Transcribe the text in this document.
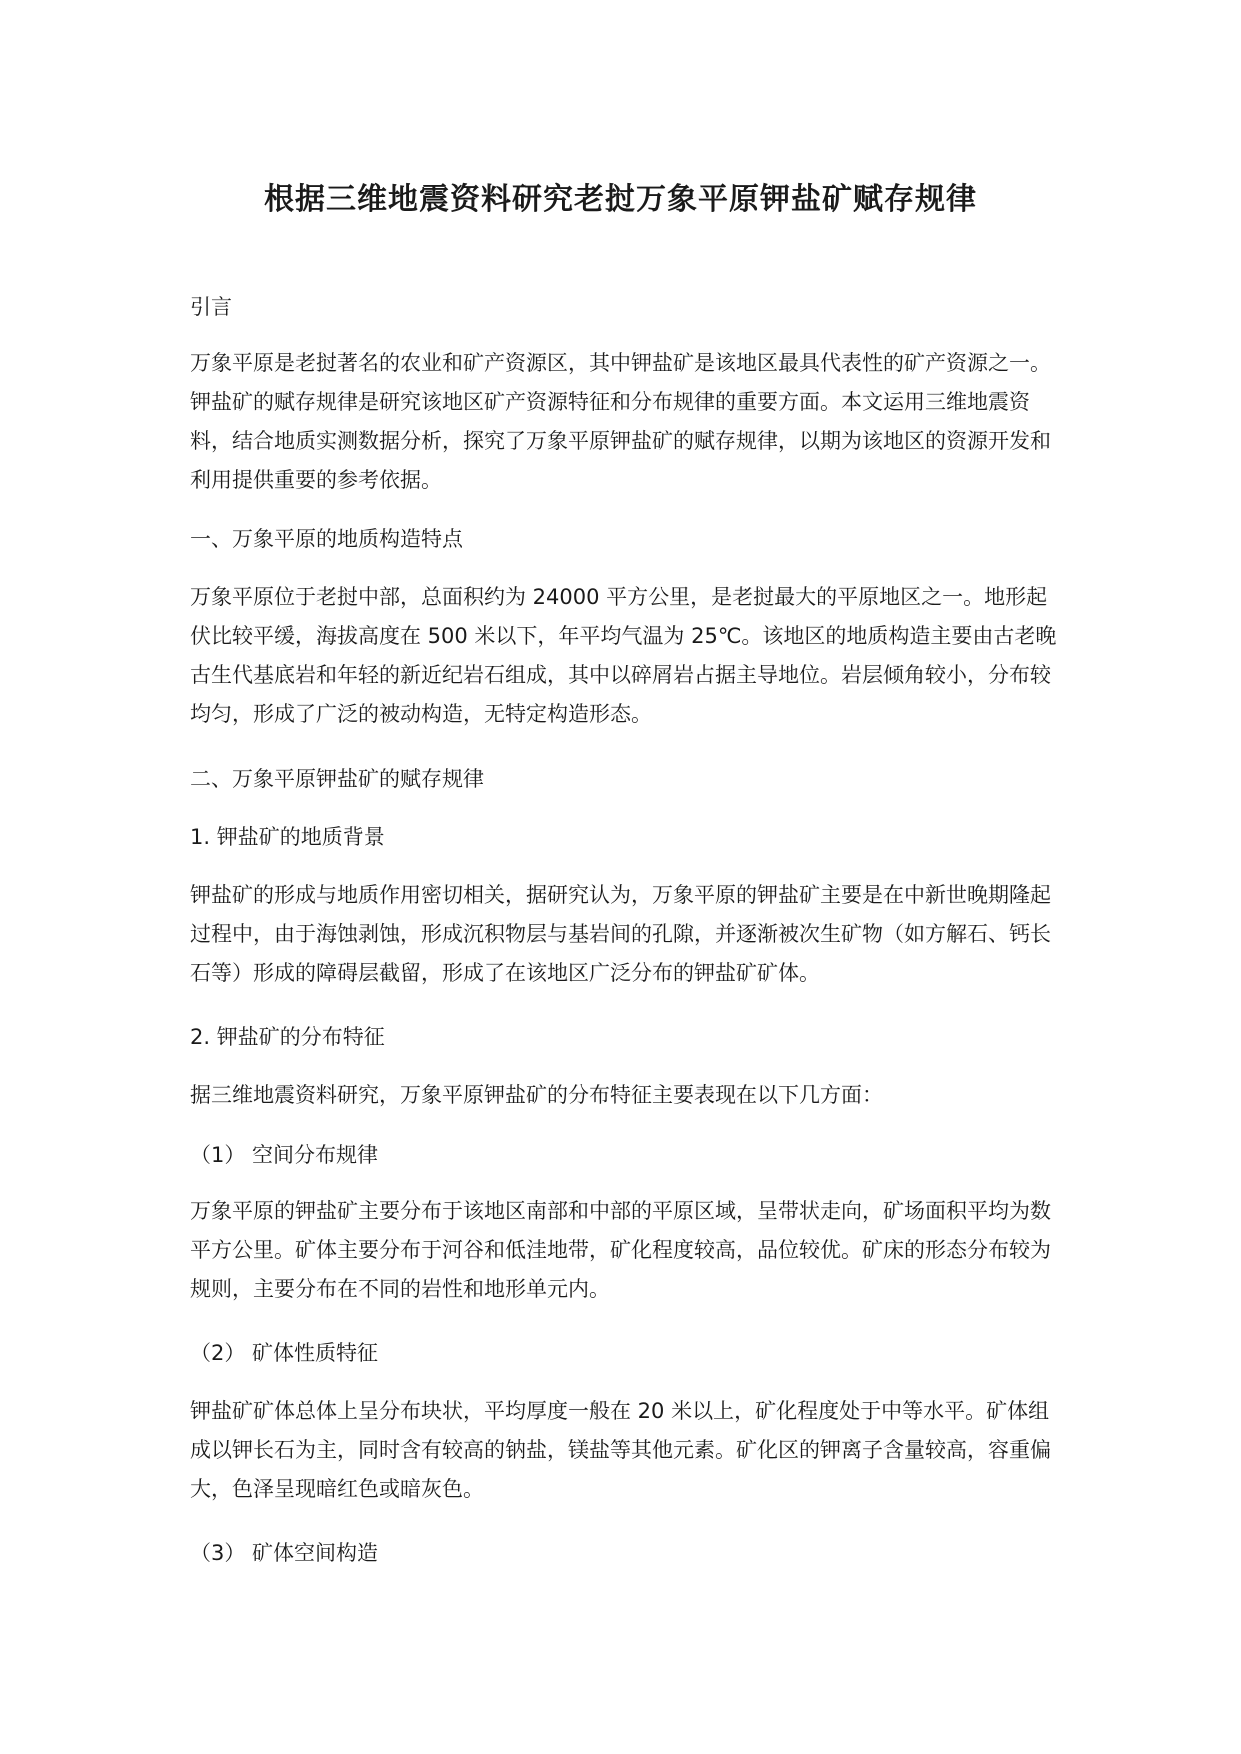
根据三维地震资料研究老挝万象平原钾盐矿赋存规律

引言

万象平原是老挝著名的农业和矿产资源区，其中钾盐矿是该地区最具代表性的矿产资源之一。钾盐矿的赋存规律是研究该地区矿产资源特征和分布规律的重要方面。本文运用三维地震资料，结合地质实测数据分析，探究了万象平原钾盐矿的赋存规律，以期为该地区的资源开发和利用提供重要的参考依据。

一、万象平原的地质构造特点

万象平原位于老挝中部，总面积约为 24000 平方公里，是老挝最大的平原地区之一。地形起伏比较平缓，海拔高度在 500 米以下，年平均气温为 25℃。该地区的地质构造主要由古老晚古生代基底岩和年轻的新近纪岩石组成，其中以碎屑岩占据主导地位。岩层倾角较小，分布较均匀，形成了广泛的被动构造，无特定构造形态。

二、万象平原钾盐矿的赋存规律

1. 钾盐矿的地质背景

钾盐矿的形成与地质作用密切相关，据研究认为，万象平原的钾盐矿主要是在中新世晚期隆起过程中，由于海蚀剥蚀，形成沉积物层与基岩间的孔隙，并逐渐被次生矿物（如方解石、钙长石等）形成的障碍层截留，形成了在该地区广泛分布的钾盐矿矿体。

2. 钾盐矿的分布特征

据三维地震资料研究，万象平原钾盐矿的分布特征主要表现在以下几方面：

（1） 空间分布规律

万象平原的钾盐矿主要分布于该地区南部和中部的平原区域，呈带状走向，矿场面积平均为数平方公里。矿体主要分布于河谷和低洼地带，矿化程度较高，品位较优。矿床的形态分布较为规则，主要分布在不同的岩性和地形单元内。

（2） 矿体性质特征

钾盐矿矿体总体上呈分布块状，平均厚度一般在 20 米以上，矿化程度处于中等水平。矿体组成以钾长石为主，同时含有较高的钠盐，镁盐等其他元素。矿化区的钾离子含量较高，容重偏大，色泽呈现暗红色或暗灰色。

（3） 矿体空间构造
